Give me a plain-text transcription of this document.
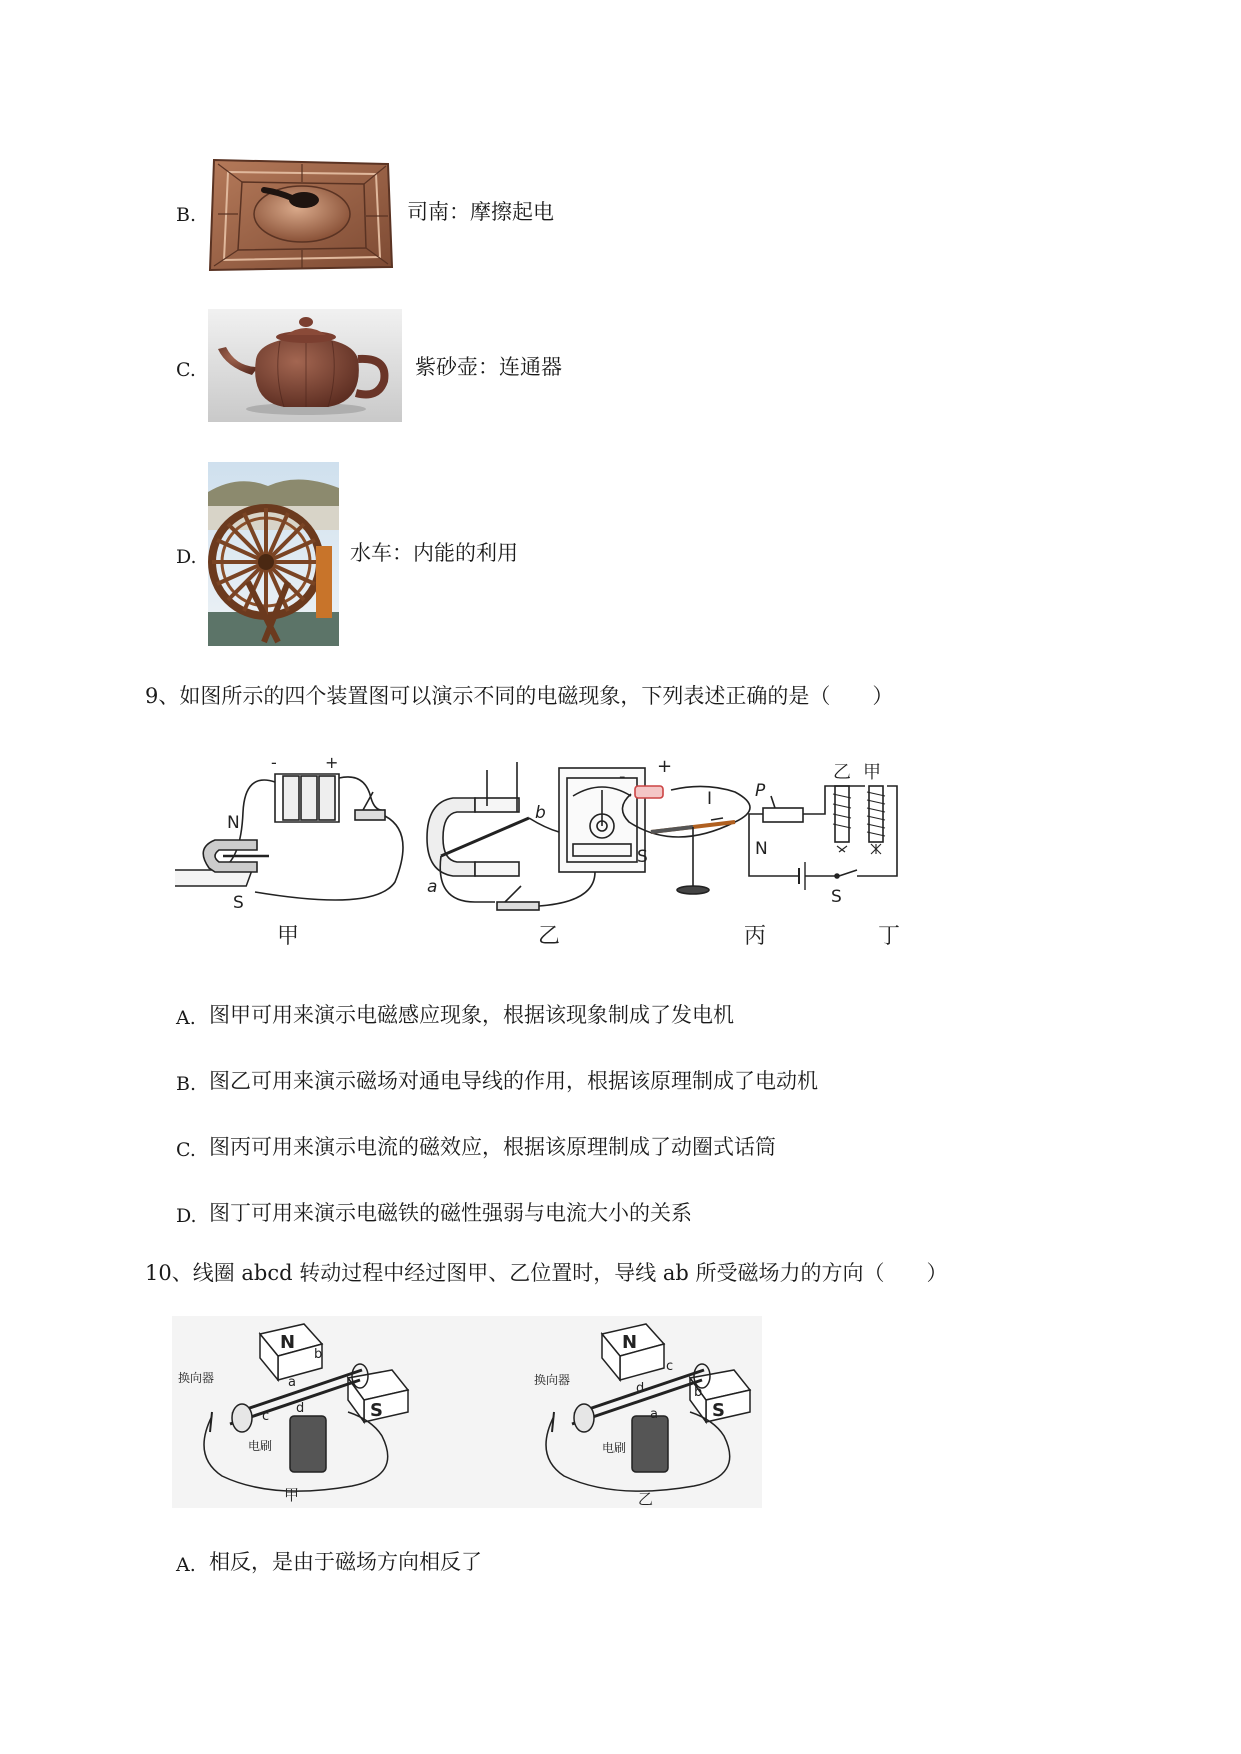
B.	司南：摩擦起电
C.	紫砂壶：连通器
D.	水车：内能的利用
9、如图所示的四个装置图可以演示不同的电磁现象，下列表述正确的是（　　）
N
S
-	+
a
b
- +
I
S	N
P
乙 甲
S
甲	乙	丙	丁
A. 图甲可用来演示电磁感应现象，根据该现象制成了发电机
B. 图乙可用来演示磁场对通电导线的作用，根据该原理制成了电动机
C. 图丙可用来演示电流的磁效应，根据该原理制成了动圈式话筒
D. 图丁可用来演示电磁铁的磁性强弱与电流大小的关系
10、线圈 abcd 转动过程中经过图甲、乙位置时，导线 ab 所受磁场力的方向（　　）
N
S
a
b
c
d
换向器
电刷
甲
N
S
a
b
c
d
换向器
电刷
乙
A. 相反，是由于磁场方向相反了
